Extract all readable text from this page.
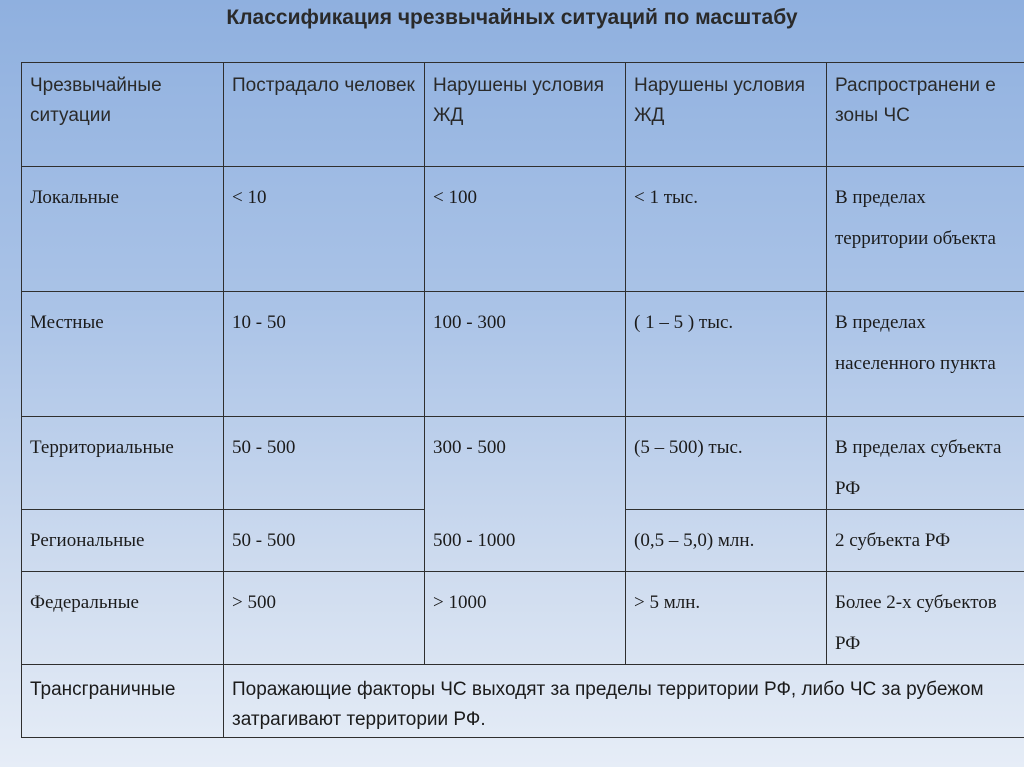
Классификация чрезвычайных ситуаций по масштабу
Чрезвычайные ситуации	Пострадало человек	Нарушены условия ЖД	Нарушены условия ЖД	Распространени е зоны ЧС
Локальные	< 10	< 100	< 1 тыс.	В пределах территории объекта
Местные	10 - 50	100 - 300	( 1 – 5 ) тыс.	В пределах населенного пункта
Территориальные	50 - 500	300 - 500	(5 – 500) тыс.	В пределах субъекта РФ
Региональные	50 - 500	500 - 1000	(0,5 – 5,0) млн.	2 субъекта РФ
Федеральные	> 500	> 1000	> 5 млн.	Более 2-х субъектов РФ
Трансграничные	Поражающие факторы ЧС выходят за пределы территории РФ, либо ЧС за рубежом затрагивают территории РФ.			
